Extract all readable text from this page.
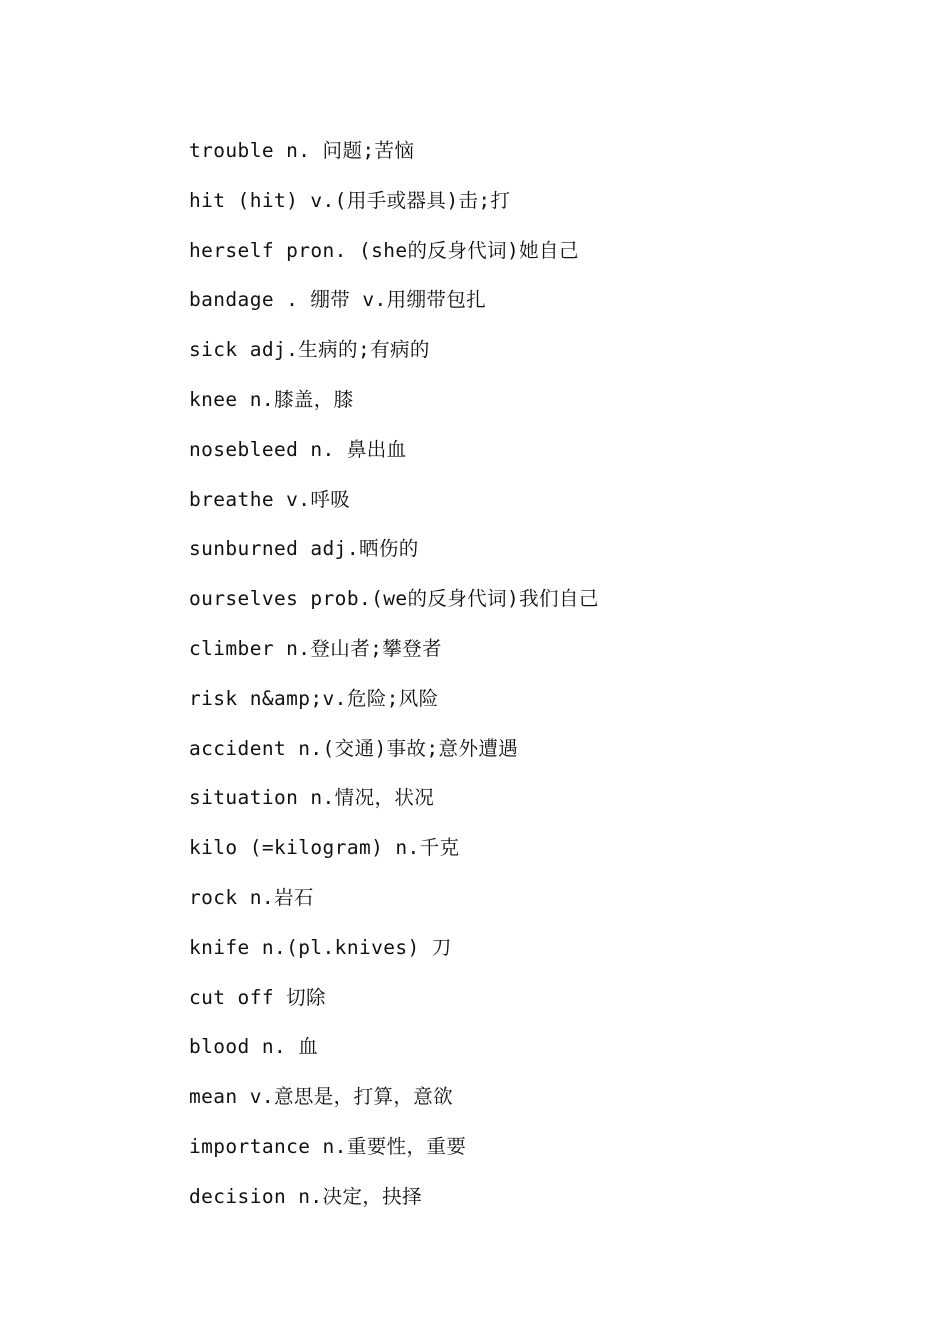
trouble n. 问题;苦恼
hit (hit) v.(用手或器具)击;打
herself pron. (she的反身代词)她自己
bandage . 绷带 v.用绷带包扎
sick adj.生病的;有病的
knee n.膝盖，膝
nosebleed n. 鼻出血
breathe v.呼吸
sunburned adj.晒伤的
ourselves prob.(we的反身代词)我们自己
climber n.登山者;攀登者
risk n&amp;v.危险;风险
accident n.(交通)事故;意外遭遇
situation n.情况，状况
kilo (=kilogram) n.千克
rock n.岩石
knife n.(pl.knives) 刀
cut off 切除
blood n. 血
mean v.意思是，打算，意欲
importance n.重要性，重要
decision n.决定，抉择
